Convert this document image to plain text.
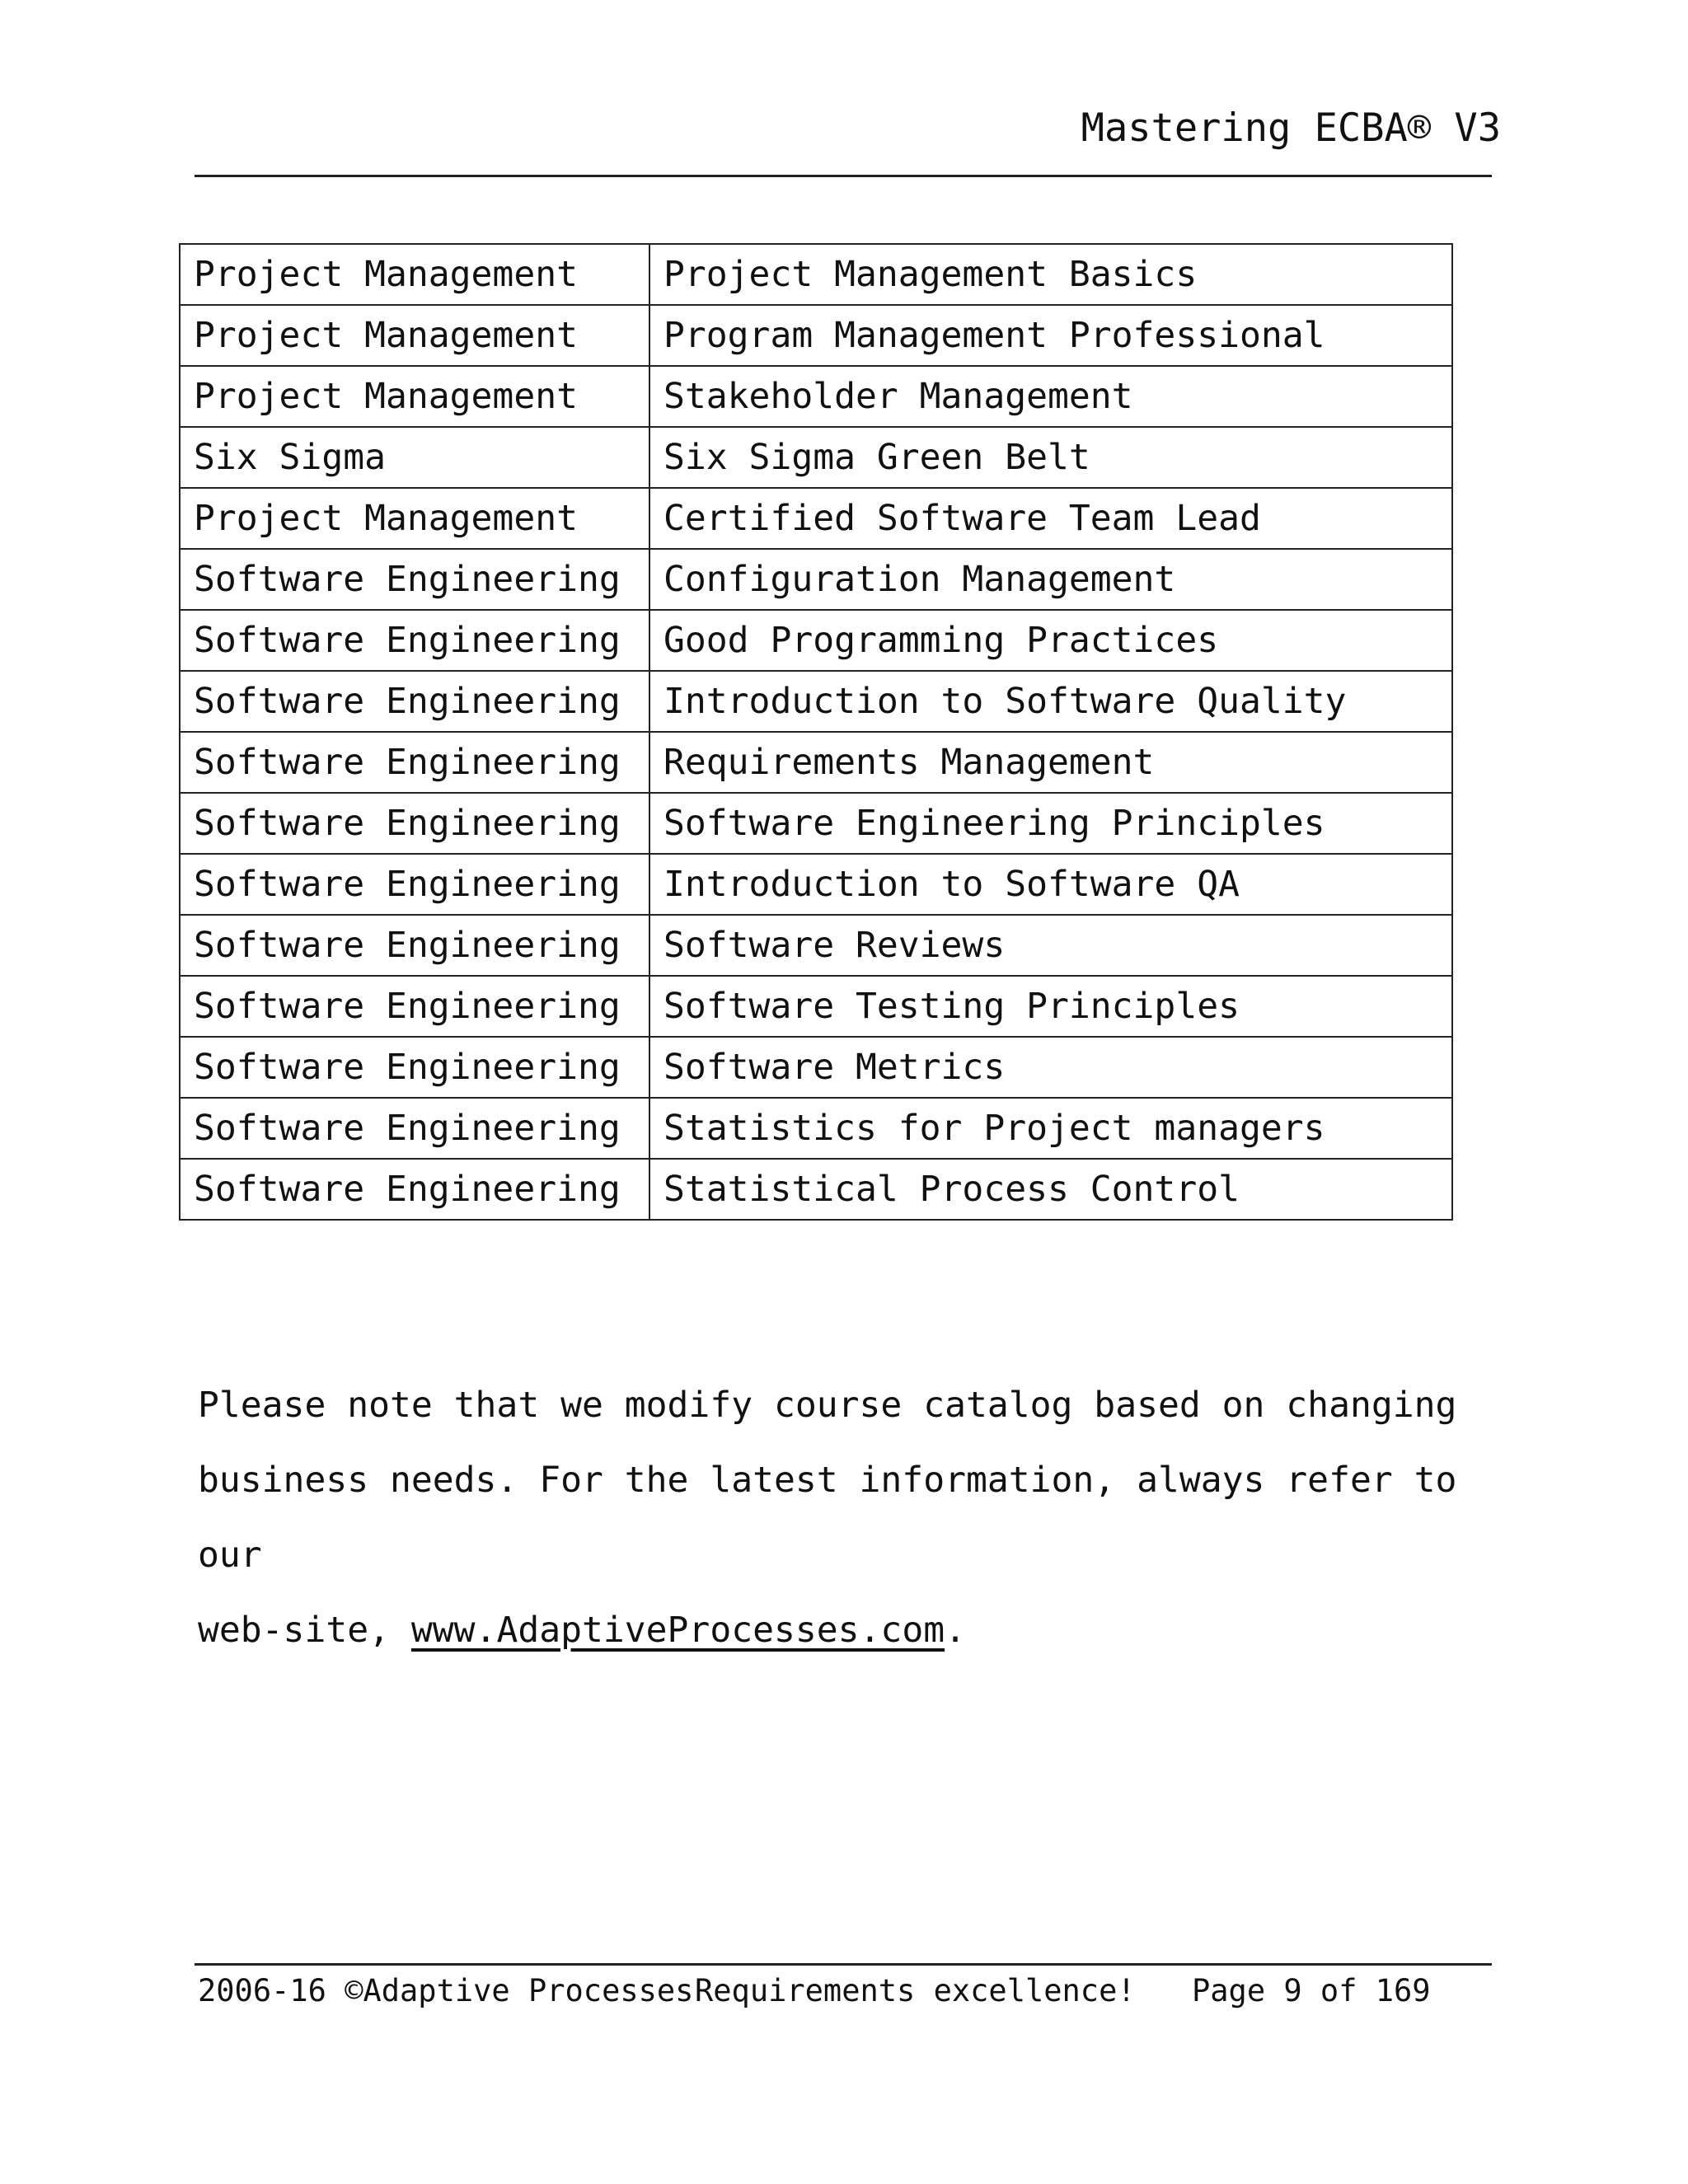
Mastering ECBA® V3
Project Management	Project Management Basics
Project Management	Program Management Professional
Project Management	Stakeholder Management
Six Sigma	Six Sigma Green Belt
Project Management	Certified Software Team Lead
Software Engineering	Configuration Management
Software Engineering	Good Programming Practices
Software Engineering	Introduction to Software Quality
Software Engineering	Requirements Management
Software Engineering	Software Engineering Principles
Software Engineering	Introduction to Software QA
Software Engineering	Software Reviews
Software Engineering	Software Testing Principles
Software Engineering	Software Metrics
Software Engineering	Statistics for Project managers
Software Engineering	Statistical Process Control

Please note that we modify course catalog based on changing
business needs. For the latest information, always refer to our
web-site, www.AdaptiveProcesses.com.

2006-16 ©Adaptive Processes Requirements excellence! Page 9 of 169
